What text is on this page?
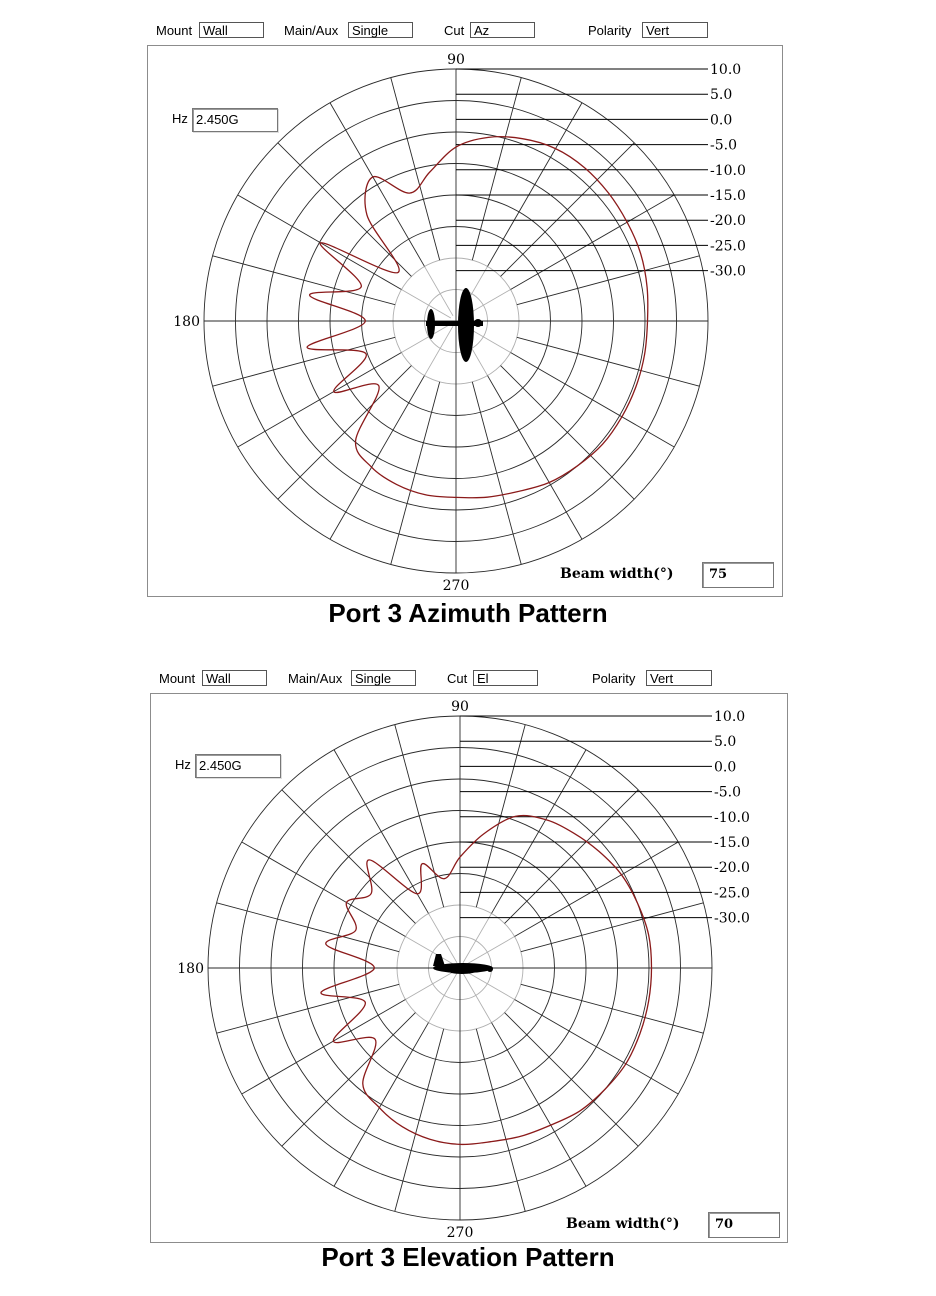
Mount Wall	Main/Aux	Single	Cut Az	Polarity	Vert
10.0
5.0
0.0
-5.0
-10.0
-15.0
-20.0
-25.0
-30.0
90
180
270
Hz 2.450G
Beam width(°)	75
Port 3 Azimuth Pattern
Mount Wall	Main/Aux Single	Cut El	Polarity	Vert
10.0
5.0
0.0
-5.0
-10.0
-15.0
-20.0
-25.0
-30.0
90
180
270
Hz 2.450G
Beam width(°)	70
Port 3 Elevation Pattern
